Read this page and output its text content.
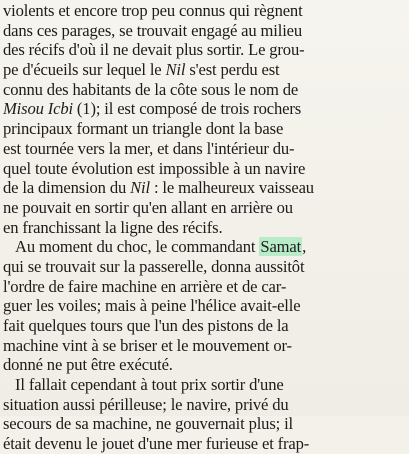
violents et encore trop peu connus qui règnent
dans ces parages, se trouvait engagé au milieu
des récifs d'où il ne devait plus sortir. Le grou-
pe d'écueils sur lequel le Nil s'est perdu est
connu des habitants de la côte sous le nom de
Misou Icbi (1); il est composé de trois rochers
principaux formant un triangle dont la base
est tournée vers la mer, et dans l'intérieur du-
quel toute évolution est impossible à un navire
de la dimension du Nil : le malheureux vaisseau
ne pouvait en sortir qu'en allant en arrière ou
en franchissant la ligne des récifs.
Au moment du choc, le commandant Samat,
qui se trouvait sur la passerelle, donna aussitôt
l'ordre de faire machine en arrière et de car-
guer les voiles; mais à peine l'hélice avait-elle
fait quelques tours que l'un des pistons de la
machine vint à se briser et le mouvement or-
donné ne put être exécuté.
Il fallait cependant à tout prix sortir d'une
situation aussi périlleuse; le navire, privé du
secours de sa machine, ne gouvernait plus; il
était devenu le jouet d'une mer furieuse et frap-
